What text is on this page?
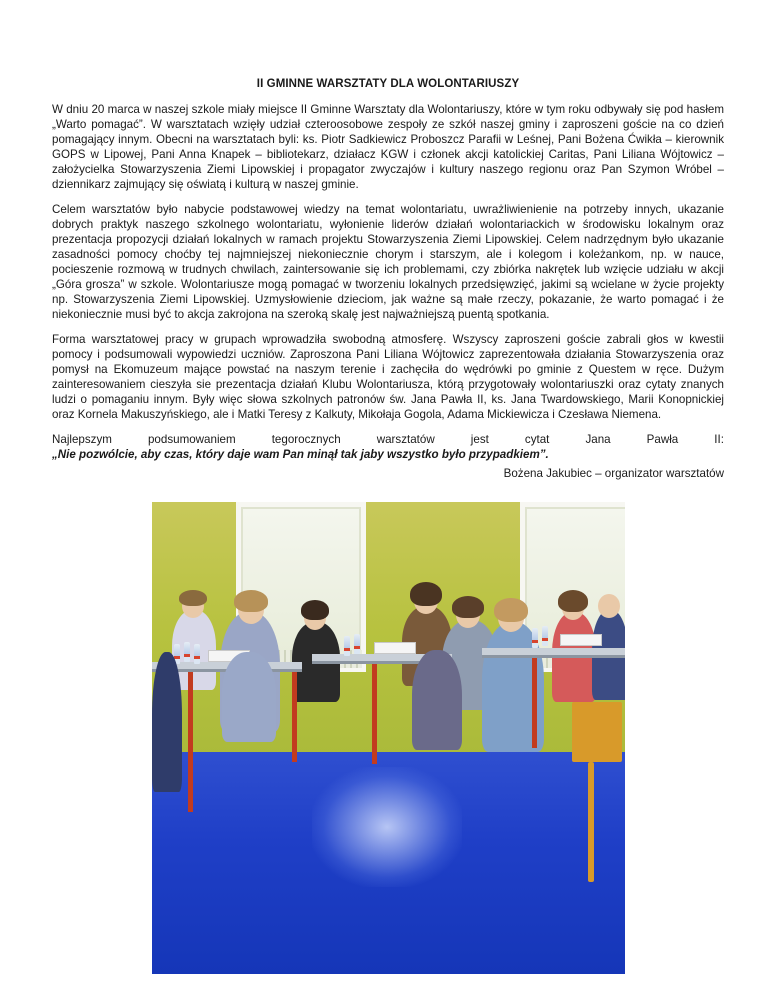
II GMINNE WARSZTATY DLA WOLONTARIUSZY

W dniu 20 marca w naszej szkole miały miejsce II Gminne Warsztaty dla Wolontariuszy, które w tym roku odbywały się pod hasłem „Warto pomagać”. W warsztatach wzięły udział czteroosobowe zespoły ze szkół naszej gminy i zaproszeni goście na co dzień pomagający innym. Obecni na warsztatach byli: ks. Piotr Sadkiewicz Proboszcz Parafii w Leśnej, Pani Bożena Ćwikła – kierownik GOPS w Lipowej, Pani Anna Knapek – bibliotekarz, działacz KGW i członek akcji katolickiej Caritas, Pani Liliana Wójtowicz – założycielka Stowarzyszenia Ziemi Lipowskiej i propagator zwyczajów i kultury naszego regionu oraz Pan Szymon Wróbel – dziennikarz zajmujący się oświatą i kulturą w naszej gminie.

Celem warsztatów było nabycie podstawowej wiedzy na temat wolontariatu, uwrażliwienienie na potrzeby innych, ukazanie dobrych praktyk naszego szkolnego wolontariatu, wyłonienie liderów działań wolontariackich w środowisku lokalnym oraz prezentacja propozycji działań lokalnych w ramach projektu Stowarzyszenia Ziemi Lipowskiej. Celem nadrzędnym było ukazanie zasadności pomocy choćby tej najmniejszej niekoniecznie chorym i starszym, ale i kolegom i koleżankom, np. w nauce, pocieszenie rozmową w trudnych chwilach, zaintersowanie się ich problemami, czy zbiórka nakrętek lub wzięcie udziału w akcji „Góra grosza” w szkole. Wolontariusze mogą pomagać w tworzeniu lokalnych przedsięwzięć, jakimi są wcielane w życie projekty np. Stowarzyszenia Ziemi Lipowskiej. Uzmysłowienie dzieciom, jak ważne są małe rzeczy, pokazanie, że warto pomagać i że niekoniecznie musi być to akcja zakrojona na szeroką skalę jest najważniejszą puentą spotkania.

Forma warsztatowej pracy w grupach wprowadziła swobodną atmosferę. Wszyscy zaproszeni goście zabrali głos w kwestii pomocy i podsumowali wypowiedzi uczniów. Zaproszona Pani Liliana Wójtowicz zaprezentowała działania Stowarzyszenia oraz pomysł na Ekomuzeum mające powstać na naszym terenie i zachęciła do wędrówki po gminie z Questem w ręce. Dużym zainteresowaniem cieszyła sie prezentacja działań Klubu Wolontariusza, którą przygotowały wolontariuszki oraz cytaty znanych ludzi o pomaganiu innym. Były więc słowa szkolnych patronów św. Jana Pawła II, ks. Jana Twardowskiego, Marii Konopnickiej oraz Kornela Makuszyńskiego, ale i Matki Teresy z Kalkuty, Mikołaja Gogola, Adama Mickiewicza i Czesława Niemena.

Najlepszym	podsumowaniem	tegorocznych	warsztatów	jest	cytat	Jana	Pawła	II:

„Nie pozwólcie, aby czas, który daje wam Pan minął tak jaby wszystko było przypadkiem”.

Bożena Jakubiec – organizator warsztatów
